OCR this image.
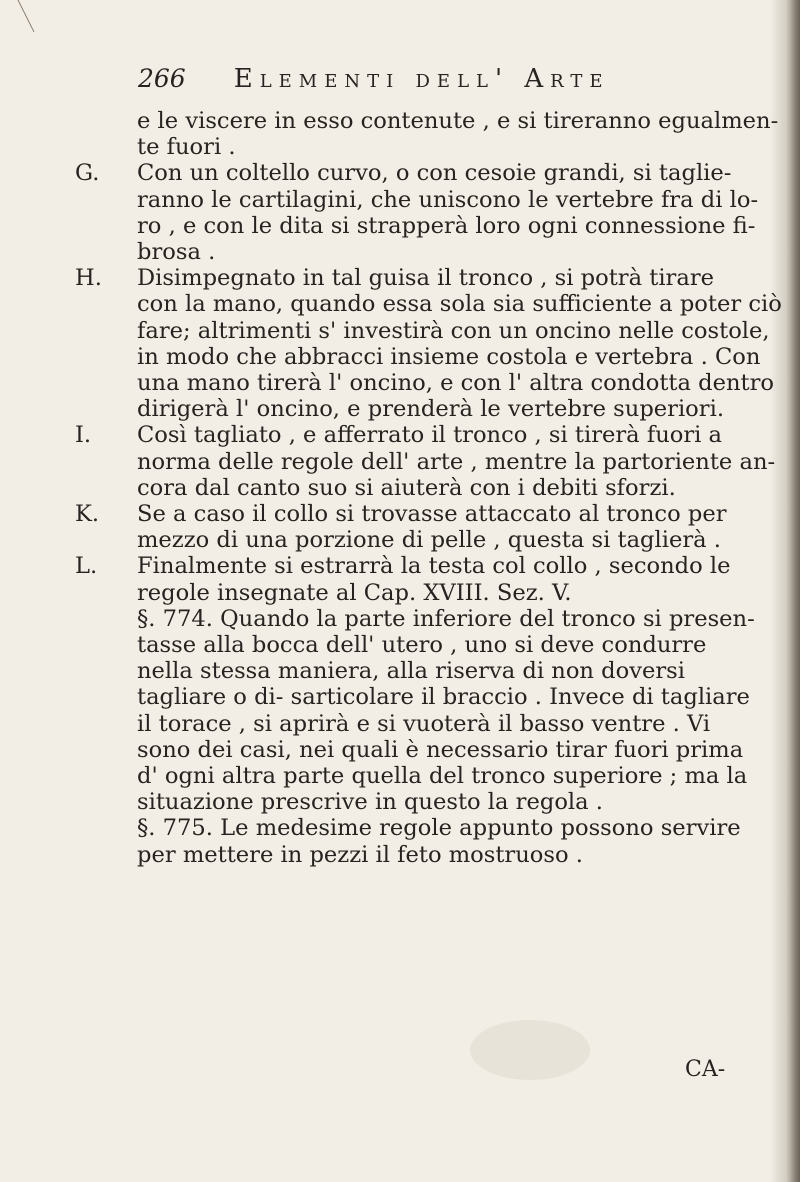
266 Elementi dell' Arte
e le viscere in esso contenute , e si tireranno egualmen-
te fuori .
G. Con un coltello curvo, o con cesoie grandi, si taglie-
ranno le cartilagini, che uniscono le vertebre fra di lo-
ro , e con le dita si strapperà loro ogni connessione fi-
brosa .
H. Disimpegnato in tal guisa il tronco , si potrà tirare
con la mano, quando essa sola sia sufficiente a poter ciò
fare; altrimenti s' investirà con un oncino nelle costole,
in modo che abbracci insieme costola e vertebra . Con
una mano tirerà l' oncino, e con l' altra condotta dentro
dirigerà l' oncino, e prenderà le vertebre superiori.
I.	Così tagliato , e afferrato il tronco , si tirerà fuori a
norma delle regole dell' arte , mentre la partoriente an-
cora dal canto suo si aiuterà con i debiti sforzi.
K. Se a caso il collo si trovasse attaccato al tronco per
mezzo di una porzione di pelle , questa si taglierà .
L. Finalmente si estrarrà la testa col collo , secondo le
regole insegnate al Cap. XVIII. Sez. V.
§. 774. Quando la parte inferiore del tronco si presen- tasse alla bocca dell' utero , uno si deve condurre nella stessa maniera, alla riserva di non doversi tagliare o di- sarticolare il braccio . Invece di tagliare il torace , si aprirà e si vuoterà il basso ventre . Vi sono dei casi, nei quali è necessario tirar fuori prima d' ogni altra parte quella del tronco superiore ; ma la situazione prescrive in questo la regola .
§. 775. Le medesime regole appunto possono servire per mettere in pezzi il feto mostruoso .
CA-
